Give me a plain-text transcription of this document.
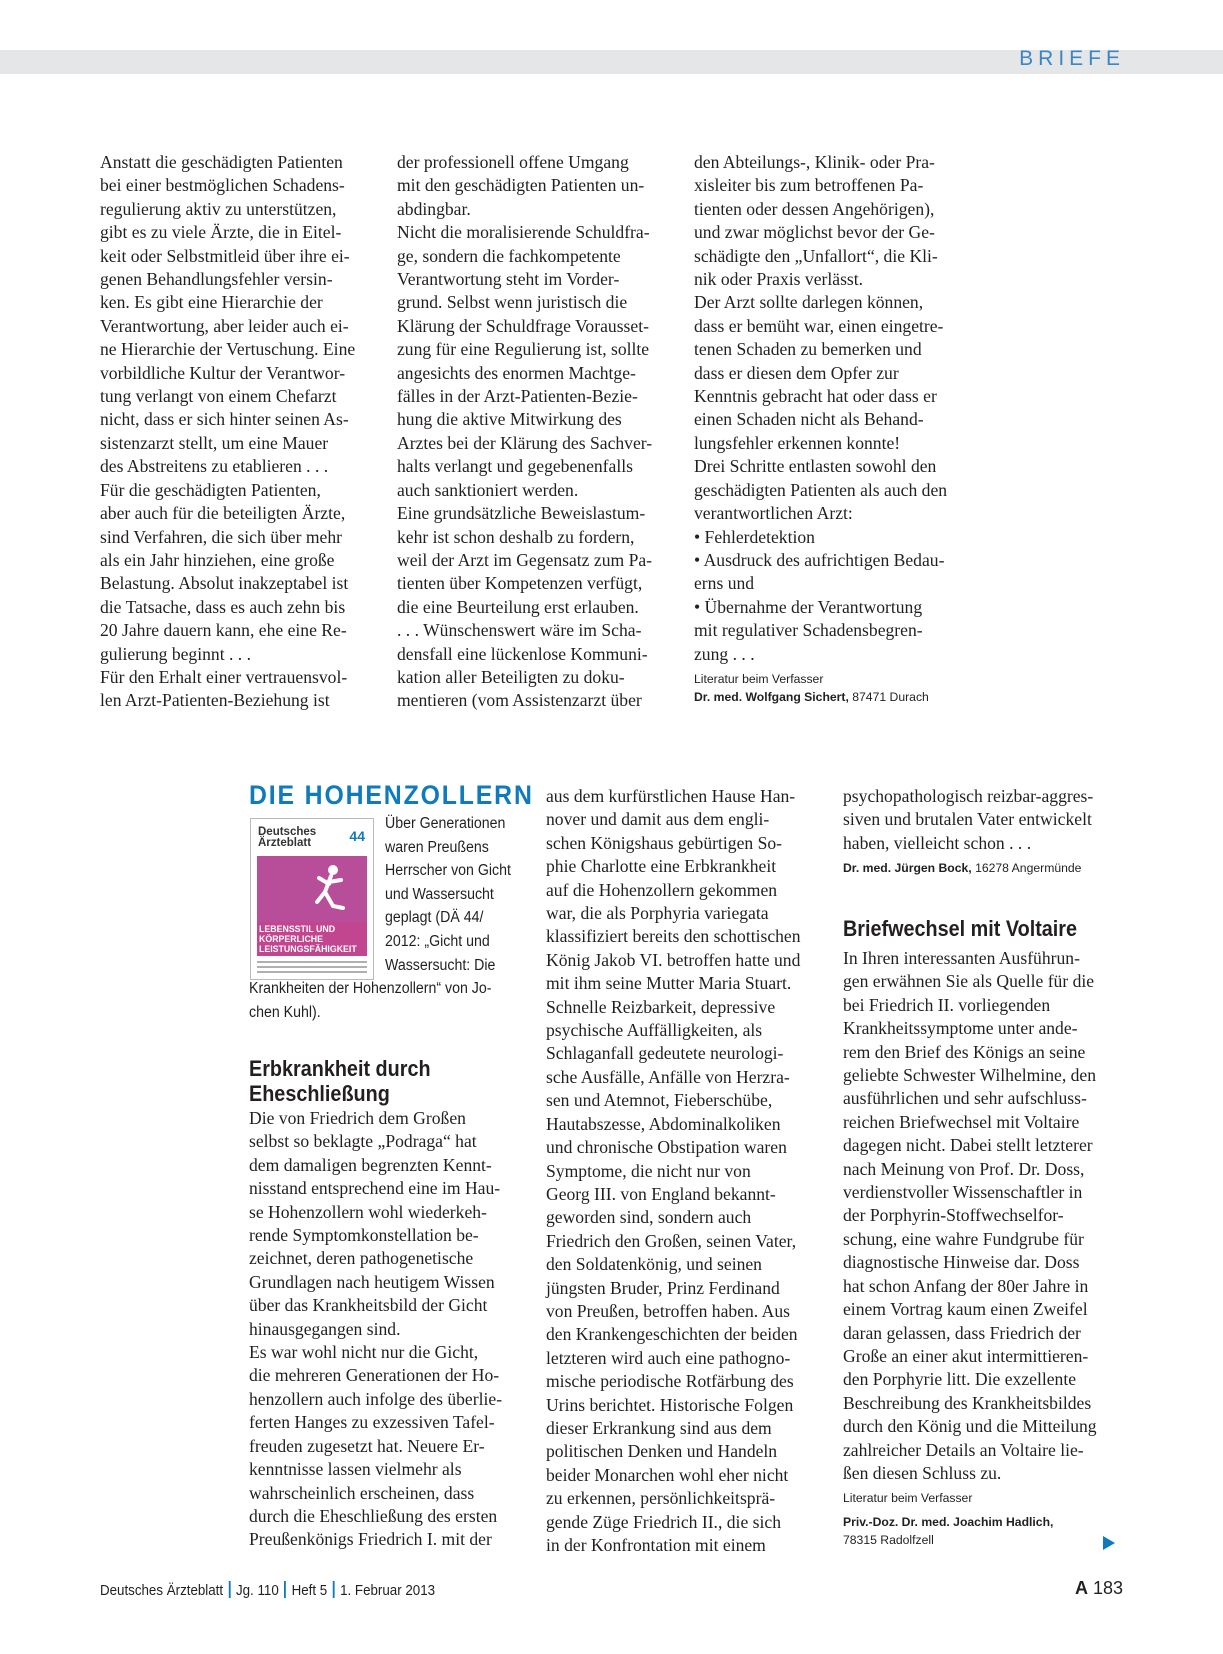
BRIEFE
Anstatt die geschädigten Patienten
bei einer bestmöglichen Schadens-
regulierung aktiv zu unterstützen,
gibt es zu viele Ärzte, die in Eitel-
keit oder Selbstmitleid über ihre ei-
genen Behandlungsfehler versin-
ken. Es gibt eine Hierarchie der
Verantwortung, aber leider auch ei-
ne Hierarchie der Vertuschung. Eine
vorbildliche Kultur der Verantwor-
tung verlangt von einem Chefarzt
nicht, dass er sich hinter seinen As-
sistenzarzt stellt, um eine Mauer
des Abstreitens zu etablieren . . .
Für die geschädigten Patienten,
aber auch für die beteiligten Ärzte,
sind Verfahren, die sich über mehr
als ein Jahr hinziehen, eine große
Belastung. Absolut inakzeptabel ist
die Tatsache, dass es auch zehn bis
20 Jahre dauern kann, ehe eine Re-
gulierung beginnt . . .
Für den Erhalt einer vertrauensvol-
len Arzt-Patienten-Beziehung ist
der professionell offene Umgang
mit den geschädigten Patienten un-
abdingbar.
Nicht die moralisierende Schuldfra-
ge, sondern die fachkompetente
Verantwortung steht im Vorder-
grund. Selbst wenn juristisch die
Klärung der Schuldfrage Vorausset-
zung für eine Regulierung ist, sollte
angesichts des enormen Machtge-
fälles in der Arzt-Patienten-Bezie-
hung die aktive Mitwirkung des
Arztes bei der Klärung des Sachver-
halts verlangt und gegebenenfalls
auch sanktioniert werden.
Eine grundsätzliche Beweislastum-
kehr ist schon deshalb zu fordern,
weil der Arzt im Gegensatz zum Pa-
tienten über Kompetenzen verfügt,
die eine Beurteilung erst erlauben.
. . . Wünschenswert wäre im Scha-
densfall eine lückenlose Kommuni-
kation aller Beteiligten zu doku-
mentieren (vom Assistenzarzt über
den Abteilungs-, Klinik- oder Pra-
xisleiter bis zum betroffenen Pa-
tienten oder dessen Angehörigen),
und zwar möglichst bevor der Ge-
schädigte den „Unfallort“, die Kli-
nik oder Praxis verlässt.
Der Arzt sollte darlegen können,
dass er bemüht war, einen eingetre-
tenen Schaden zu bemerken und
dass er diesen dem Opfer zur
Kenntnis gebracht hat oder dass er
einen Schaden nicht als Behand-
lungsfehler erkennen konnte!
Drei Schritte entlasten sowohl den
geschädigten Patienten als auch den
verantwortlichen Arzt:
• Fehlerdetektion
• Ausdruck des aufrichtigen Bedau-
erns und
• Übernahme der Verantwortung
mit regulativer Schadensbegren-
zung . . .
Literatur beim Verfasser
Dr. med. Wolfgang Sichert, 87471 Durach
DIE HOHENZOLLERN
Deutsches
Ärzteblatt	44
LEBENSSTIL UND
KÖRPERLICHE
LEISTUNGSFÄHIGKEIT
Über Generationen
waren Preußens
Herrscher von Gicht
und Wassersucht
geplagt (DÄ 44/
2012: „Gicht und
Wassersucht: Die
Krankheiten der Hohenzollern“ von Jo-
chen Kuhl).
Erbkrankheit durch
Eheschließung
Die von Friedrich dem Großen
selbst so beklagte „Podraga“ hat
dem damaligen begrenzten Kennt-
nisstand entsprechend eine im Hau-
se Hohenzollern wohl wiederkeh-
rende Symptomkonstellation be-
zeichnet, deren pathogenetische
Grundlagen nach heutigem Wissen
über das Krankheitsbild der Gicht
hinausgegangen sind.
Es war wohl nicht nur die Gicht,
die mehreren Generationen der Ho-
henzollern auch infolge des überlie-
ferten Hanges zu exzessiven Tafel-
freuden zugesetzt hat. Neuere Er-
kenntnisse lassen vielmehr als
wahrscheinlich erscheinen, dass
durch die Eheschließung des ersten
Preußenkönigs Friedrich I. mit der
aus dem kurfürstlichen Hause Han-
nover und damit aus dem engli-
schen Königshaus gebürtigen So-
phie Charlotte eine Erbkrankheit
auf die Hohenzollern gekommen
war, die als Porphyria variegata
klassifiziert bereits den schottischen
König Jakob VI. betroffen hatte und
mit ihm seine Mutter Maria Stuart.
Schnelle Reizbarkeit, depressive
psychische Auffälligkeiten, als
Schlaganfall gedeutete neurologi-
sche Ausfälle, Anfälle von Herzra-
sen und Atemnot, Fieberschübe,
Hautabszesse, Abdominalkoliken
und chronische Obstipation waren
Symptome, die nicht nur von
Georg III. von England bekannt-
geworden sind, sondern auch
Friedrich den Großen, seinen Vater,
den Soldatenkönig, und seinen
jüngsten Bruder, Prinz Ferdinand
von Preußen, betroffen haben. Aus
den Krankengeschichten der beiden
letzteren wird auch eine pathogno-
mische periodische Rotfärbung des
Urins berichtet. Historische Folgen
dieser Erkrankung sind aus dem
politischen Denken und Handeln
beider Monarchen wohl eher nicht
zu erkennen, persönlichkeitsprä-
gende Züge Friedrich II., die sich
in der Konfrontation mit einem
psychopathologisch reizbar-aggres-
siven und brutalen Vater entwickelt
haben, vielleicht schon . . .
Dr. med. Jürgen Bock, 16278 Angermünde
Briefwechsel mit Voltaire
In Ihren interessanten Ausführun-
gen erwähnen Sie als Quelle für die
bei Friedrich II. vorliegenden
Krankheitssymptome unter ande-
rem den Brief des Königs an seine
geliebte Schwester Wilhelmine, den
ausführlichen und sehr aufschluss-
reichen Briefwechsel mit Voltaire
dagegen nicht. Dabei stellt letzterer
nach Meinung von Prof. Dr. Doss,
verdienstvoller Wissenschaftler in
der Porphyrin-Stoffwechselfor-
schung, eine wahre Fundgrube für
diagnostische Hinweise dar. Doss
hat schon Anfang der 80er Jahre in
einem Vortrag kaum einen Zweifel
daran gelassen, dass Friedrich der
Große an einer akut intermittieren-
den Porphyrie litt. Die exzellente
Beschreibung des Krankheitsbildes
durch den König und die Mitteilung
zahlreicher Details an Voltaire lie-
ßen diesen Schluss zu.
Literatur beim Verfasser
Priv.-Doz. Dr. med. Joachim Hadlich,
78315 Radolfzell
Deutsches Ärzteblatt Jg. 110 Heft 5 1. Februar 2013	A 183
